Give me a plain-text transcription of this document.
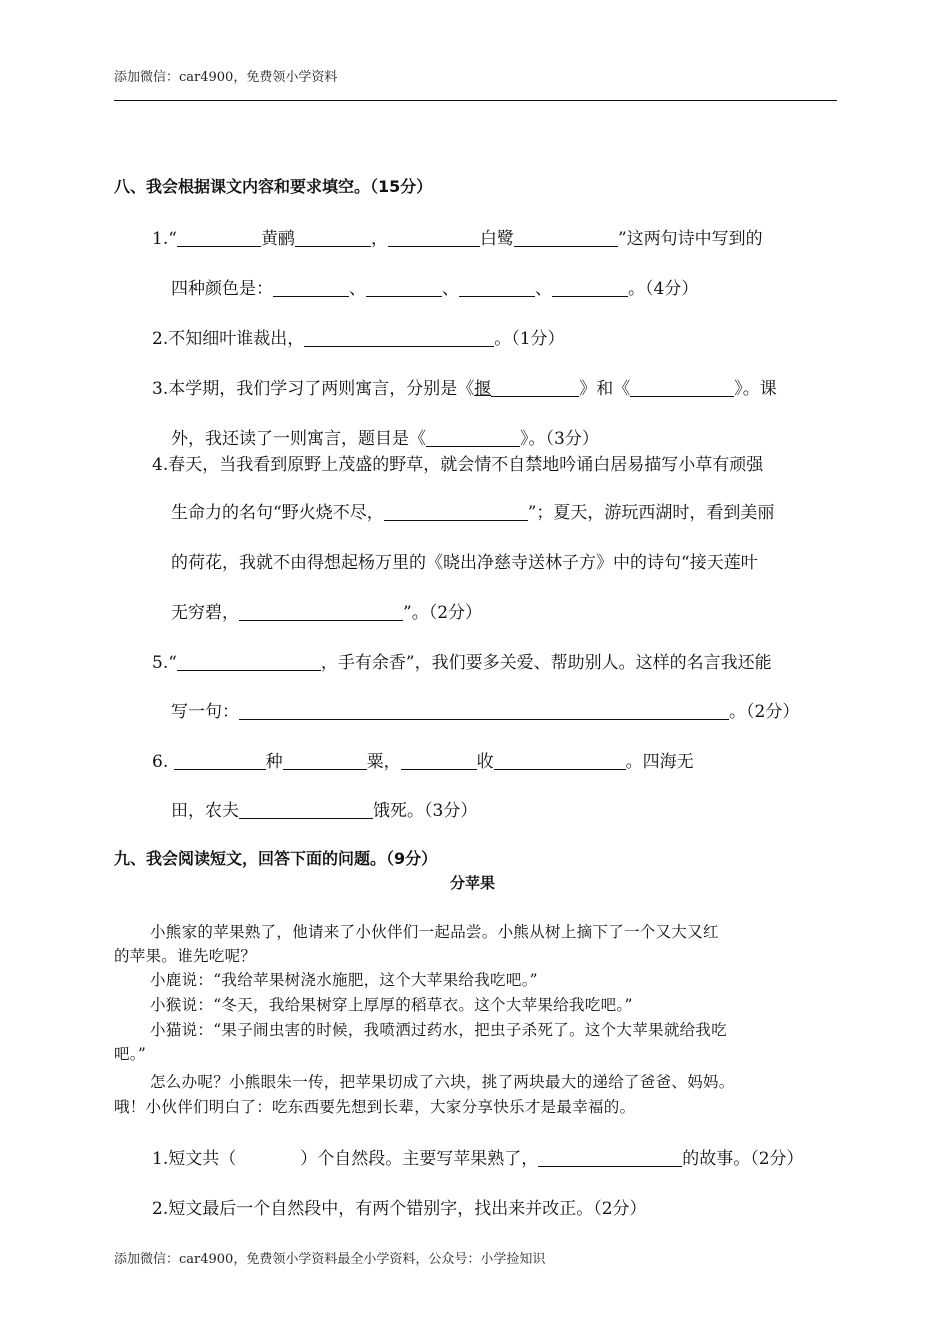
添加微信：car4900，免费领小学资料
八、我会根据课文内容和要求填空。（15分）
1.“	黄鹂	，	白鹭	”这两句诗中写到的
四种颜色是：	、	、	、	。（4分）
2.不知细叶谁裁出，	。（1分）
3.本学期，我们学习了两则寓言，分别是《揠	》和《	》。课
外，我还读了一则寓言，题目是《	》。（3分）
4.春天，当我看到原野上茂盛的野草，就会情不自禁地吟诵白居易描写小草有顽强
生命力的名句“野火烧不尽，	”；夏天，游玩西湖时，看到美丽
的荷花，我就不由得想起杨万里的《晓出净慈寺送林子方》中的诗句“接天莲叶
无穷碧，	”。（2分）
5.“	，手有余香”，我们要多关爱、帮助别人。这样的名言我还能
写一句：	。（2分）
6.	种	粟，	收	。四海无
田，农夫	饿死。（3分）
九、我会阅读短文，回答下面的问题。（9分）
分苹果
小熊家的苹果熟了，他请来了小伙伴们一起品尝。小熊从树上摘下了一个又大又红
的苹果。谁先吃呢？
小鹿说：“我给苹果树浇水施肥，这个大苹果给我吃吧。”
小猴说：“冬天，我给果树穿上厚厚的稻草衣。这个大苹果给我吃吧。”
小猫说：“果子闹虫害的时候，我喷洒过药水，把虫子杀死了。这个大苹果就给我吃
吧。”
怎么办呢？小熊眼朱一传，把苹果切成了六块，挑了两块最大的递给了爸爸、妈妈。
哦！小伙伴们明白了：吃东西要先想到长辈，大家分享快乐才是最幸福的。
1.短文共（	）个自然段。主要写苹果熟了，	的故事。（2分）
2.短文最后一个自然段中，有两个错别字，找出来并改正。（2分）
添加微信：car4900，免费领小学资料最全小学资料，公众号：小学捡知识
